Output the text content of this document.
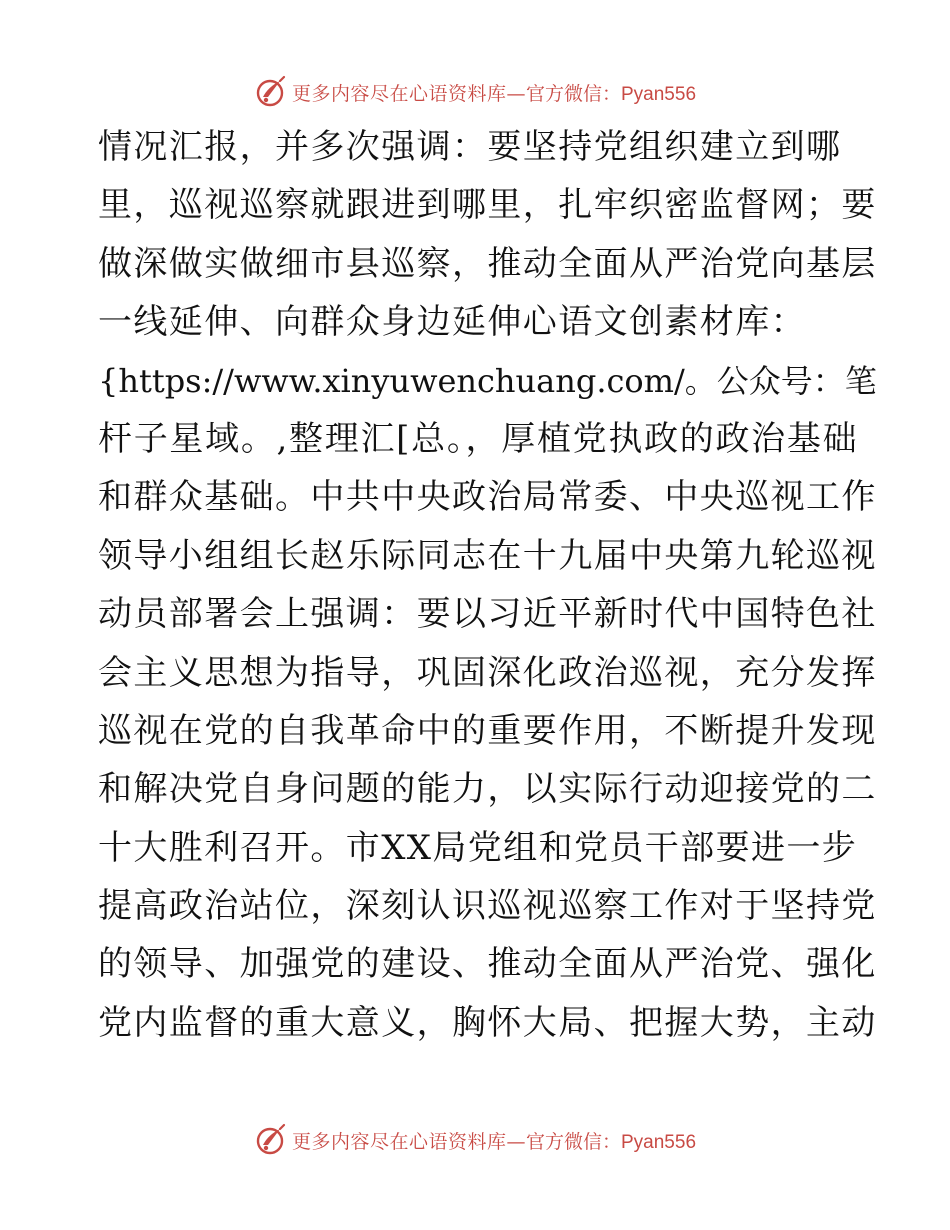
更多内容尽在心语资料库— 官方微信：Pyan556
情况汇报，并多次强调：要坚持党组织建立到哪
里，巡视巡察就跟进到哪里，扎牢织密监督网；要
做深做实做细市县巡察，推动全面从严治党向基层
一线延伸、向群众身边延伸心语文创素材库：
{https://www.xinyuwenchuang.com/。公众号：笔
杆子星域。,整理汇[总。，厚植党执政的政治基础
和群众基础。中共中央政治局常委、中央巡视工作
领导小组组长赵乐际同志在十九届中央第九轮巡视
动员部署会上强调：要以习近平新时代中国特色社
会主义思想为指导，巩固深化政治巡视，充分发挥
巡视在党的自我革命中的重要作用，不断提升发现
和解决党自身问题的能力，以实际行动迎接党的二
十大胜利召开。市XX局党组和党员干部要进一步
提高政治站位，深刻认识巡视巡察工作对于坚持党
的领导、加强党的建设、推动全面从严治党、强化
党内监督的重大意义，胸怀大局、把握大势，主动
更多内容尽在心语资料库— 官方微信：Pyan556
